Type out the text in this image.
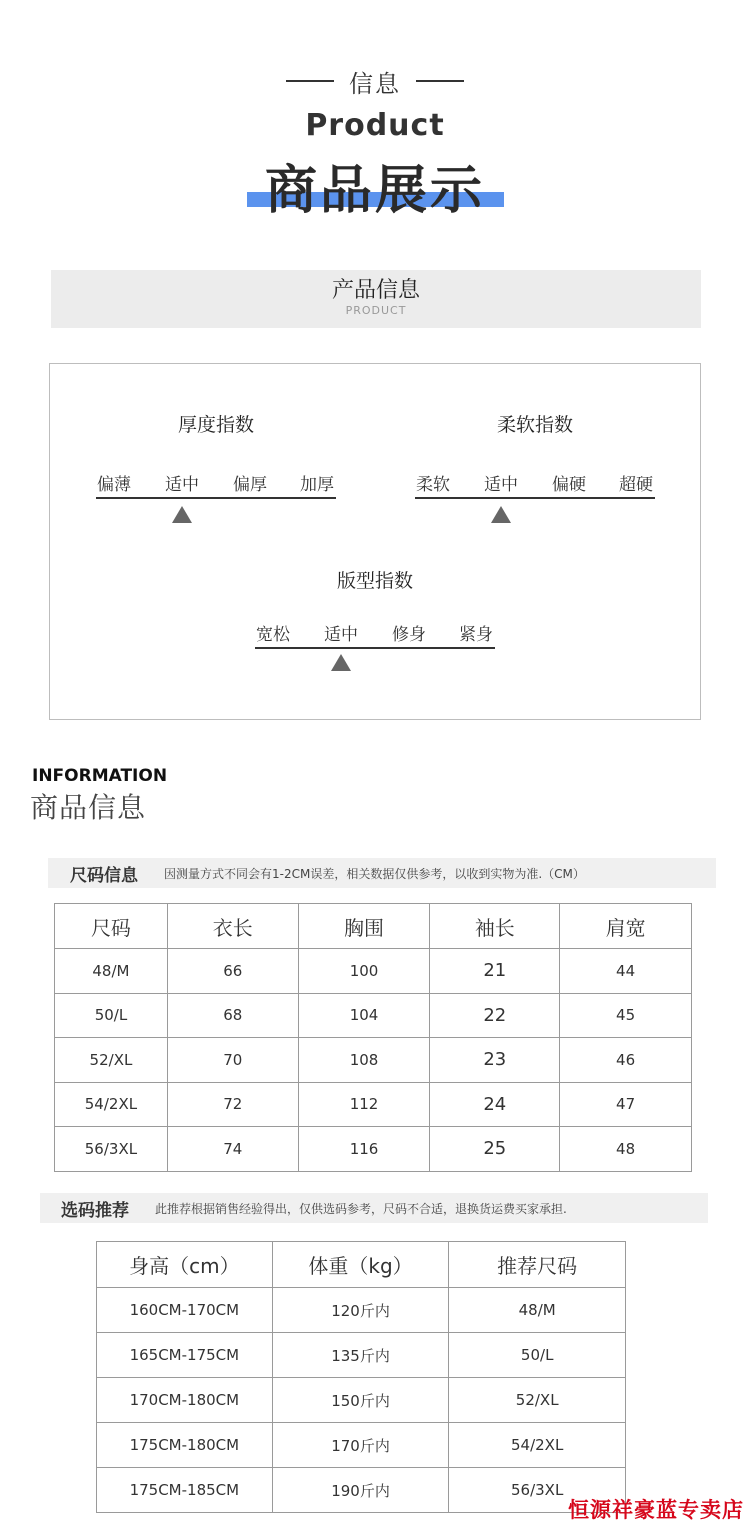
信息
Product
商品展示
产品信息
PRODUCT
厚度指数
偏薄	适中	偏厚	加厚
柔软指数
柔软	适中	偏硬	超硬
版型指数
宽松	适中	修身	紧身
INFORMATION
商品信息
尺码信息 因测量方式不同会有1-2CM误差，相关数据仅供参考，以收到实物为准.（CM）
尺码	衣长	胸围	袖长	肩宽
48/M	66	100	21	44
50/L	68	104	22	45
52/XL	70	108	23	46
54/2XL	72	112	24	47
56/3XL	74	116	25	48
选码推荐 此推荐根据销售经验得出，仅供选码参考，尺码不合适，退换货运费买家承担.
身高（cm）	体重（kg）	推荐尺码
160CM-170CM	120斤内	48/M
165CM-175CM	135斤内	50/L
170CM-180CM	150斤内	52/XL
175CM-180CM	170斤内	54/2XL
175CM-185CM	190斤内	56/3XL
恒源祥豪蓝专卖店
